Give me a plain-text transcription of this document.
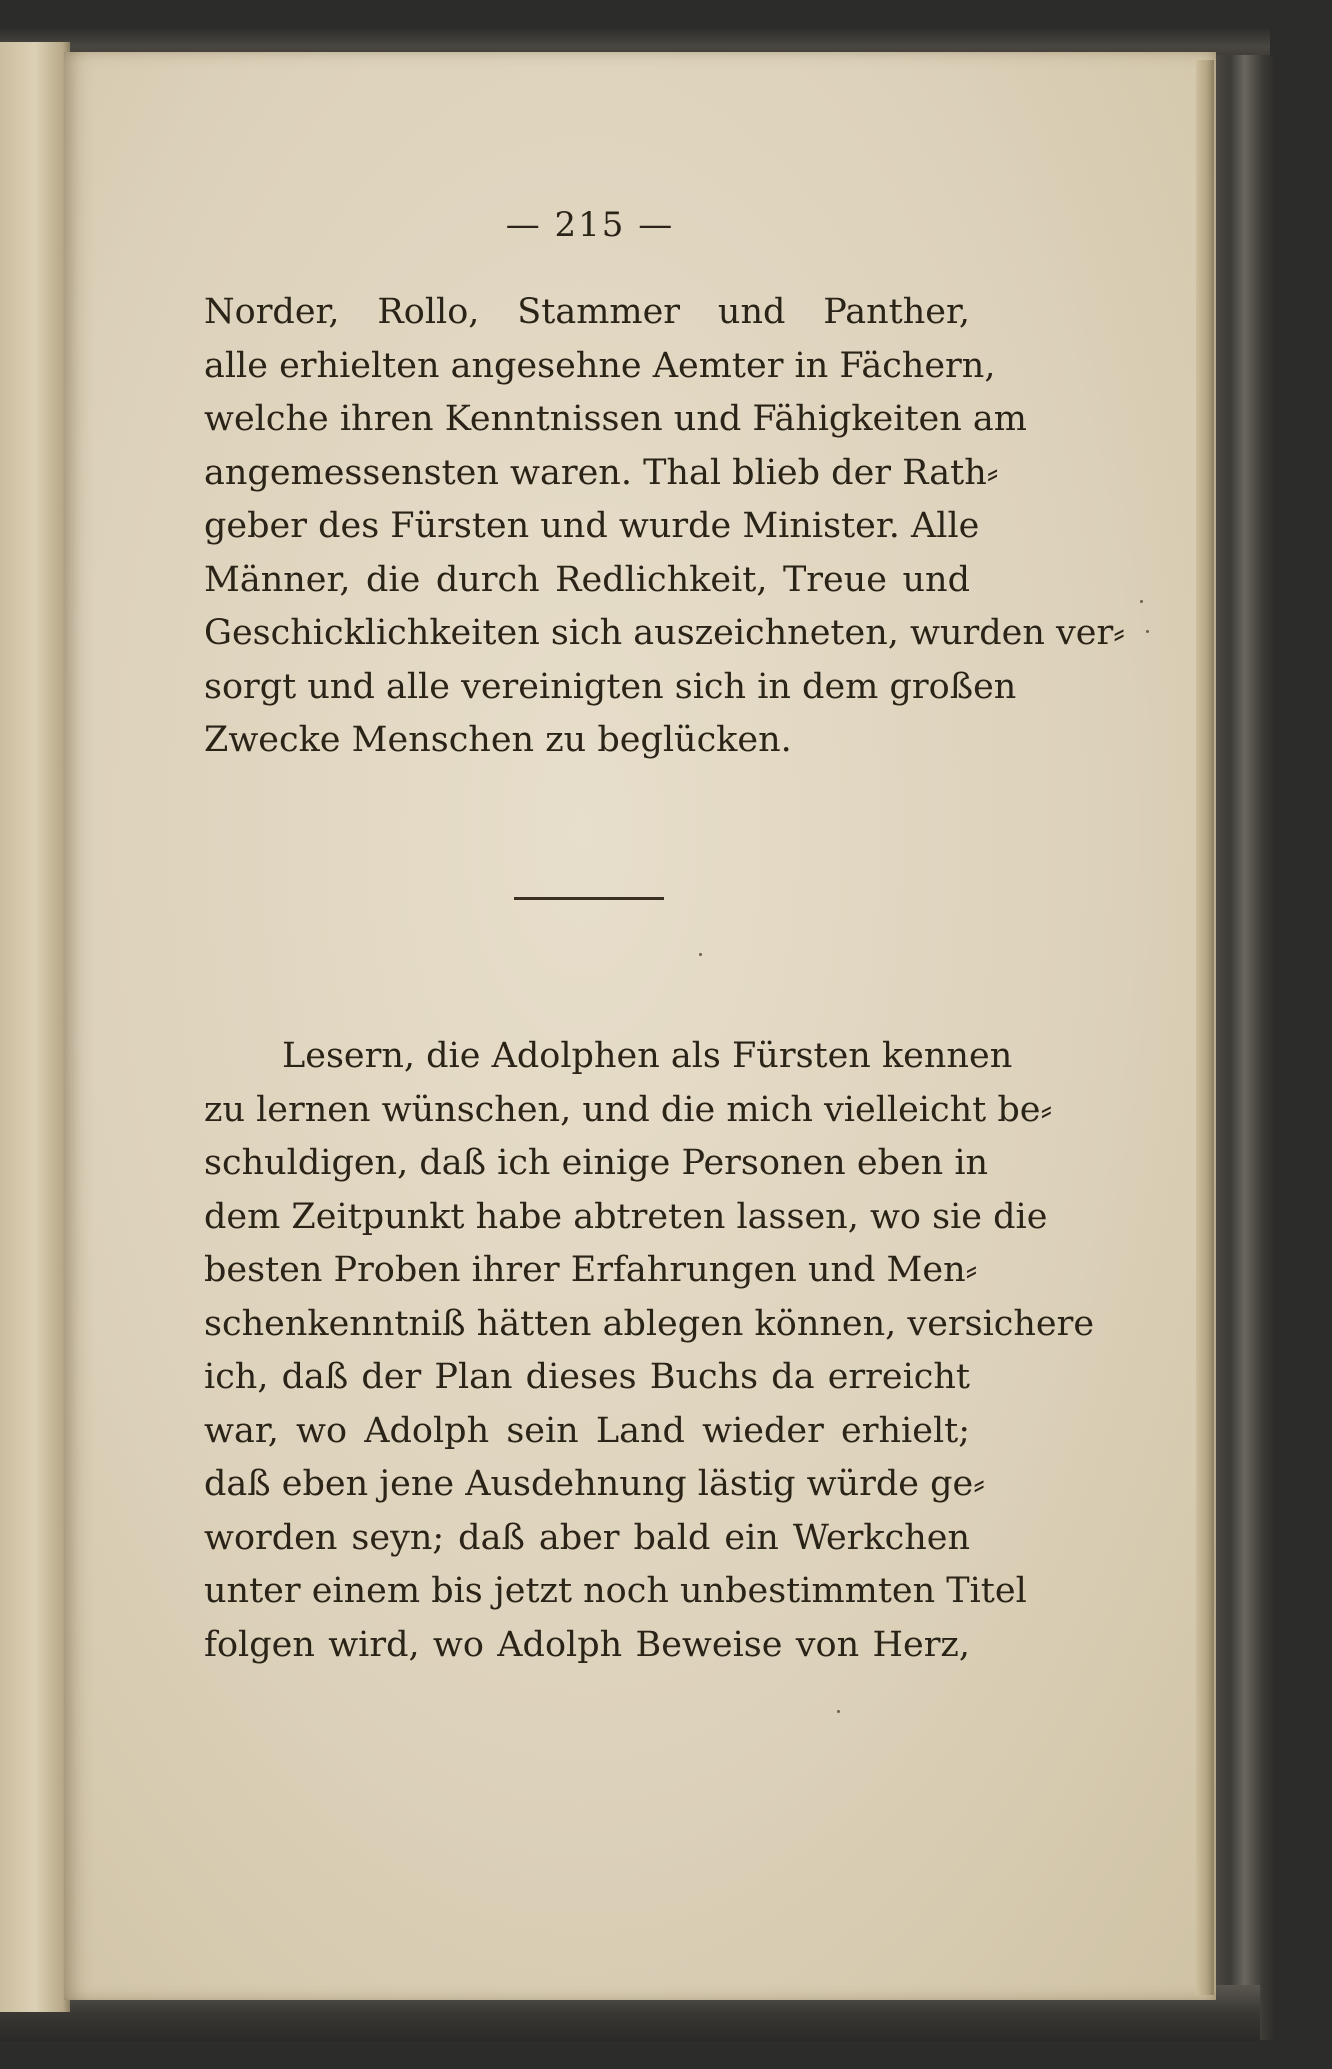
— 215 —
Norder, Rollo, Stammer und Panther,
alle erhielten angesehne Aemter in Fächern,
welche ihren Kenntnissen und Fähigkeiten am
angemessensten waren. Thal blieb der Rath⸗
geber des Fürsten und wurde Minister. Alle
Männer, die durch Redlichkeit, Treue und
Geschicklichkeiten sich auszeichneten, wurden ver⸗
sorgt und alle vereinigten sich in dem großen
Zwecke Menschen zu beglücken.
Lesern, die Adolphen als Fürsten kennen
zu lernen wünschen, und die mich vielleicht be⸗
schuldigen, daß ich einige Personen eben in
dem Zeitpunkt habe abtreten lassen, wo sie die
besten Proben ihrer Erfahrungen und Men⸗
schenkenntniß hätten ablegen können, versichere
ich, daß der Plan dieses Buchs da erreicht
war, wo Adolph sein Land wieder erhielt;
daß eben jene Ausdehnung lästig würde ge⸗
worden seyn; daß aber bald ein Werkchen
unter einem bis jetzt noch unbestimmten Titel
folgen wird, wo Adolph Beweise von Herz,
